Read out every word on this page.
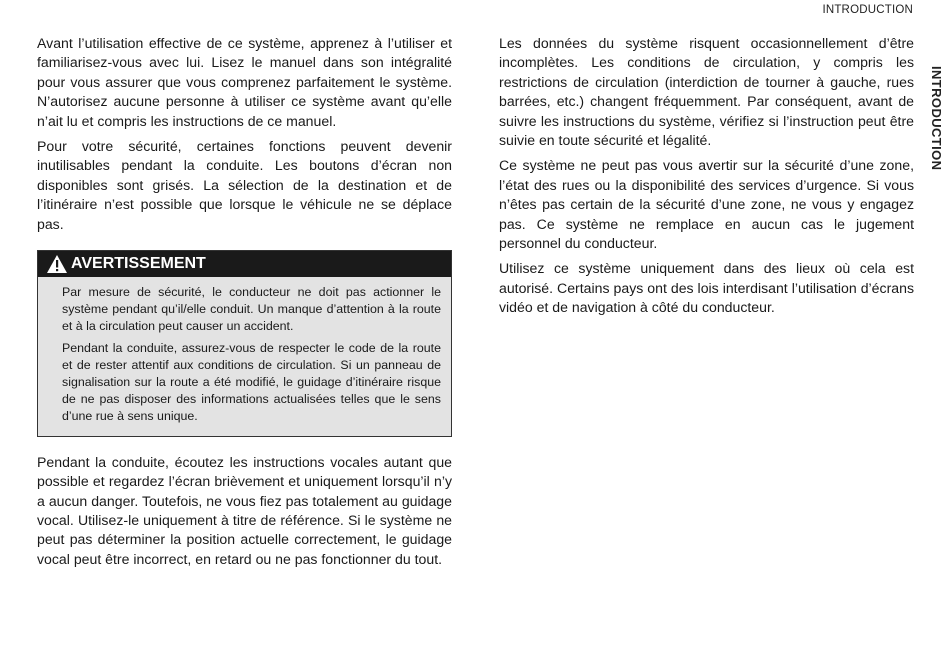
INTRODUCTION
INTRODUCTION

Avant l’utilisation effective de ce système, apprenez à l’utiliser et familiarisez-vous avec lui. Lisez le manuel dans son intégralité pour vous assurer que vous comprenez parfaitement le système. N’autorisez aucune personne à utiliser ce système avant qu’elle n’ait lu et compris les instructions de ce manuel.

Pour votre sécurité, certaines fonctions peuvent devenir inutilisables pendant la conduite. Les boutons d’écran non disponibles sont grisés. La sélection de la destination et de l’itinéraire n’est possible que lorsque le véhicule ne se déplace pas.

AVERTISSEMENT

Par mesure de sécurité, le conducteur ne doit pas actionner le système pendant qu’il/elle conduit. Un manque d’attention à la route et à la circulation peut causer un accident.

Pendant la conduite, assurez-vous de respecter le code de la route et de rester attentif aux conditions de circulation. Si un panneau de signalisation sur la route a été modifié, le guidage d’itinéraire risque de ne pas disposer des informations actualisées telles que le sens d’une rue à sens unique.

Pendant la conduite, écoutez les instructions vocales autant que possible et regardez l’écran brièvement et uniquement lorsqu’il n’y a aucun danger. Toutefois, ne vous fiez pas totalement au guidage vocal. Utilisez-le uniquement à titre de référence. Si le système ne peut pas déterminer la position actuelle correctement, le guidage vocal peut être incorrect, en retard ou ne pas fonctionner du tout.

Les données du système risquent occasionnellement d’être incomplètes. Les conditions de circulation, y compris les restrictions de circulation (interdiction de tourner à gauche, rues barrées, etc.) changent fréquemment. Par conséquent, avant de suivre les instructions du système, vérifiez si l’instruction peut être suivie en toute sécurité et légalité.

Ce système ne peut pas vous avertir sur la sécurité d’une zone, l’état des rues ou la disponibilité des services d’urgence. Si vous n’êtes pas certain de la sécurité d’une zone, ne vous y engagez pas. Ce système ne remplace en aucun cas le jugement personnel du conducteur.

Utilisez ce système uniquement dans des lieux où cela est autorisé. Certains pays ont des lois interdisant l’utilisation d’écrans vidéo et de navigation à côté du conducteur.
